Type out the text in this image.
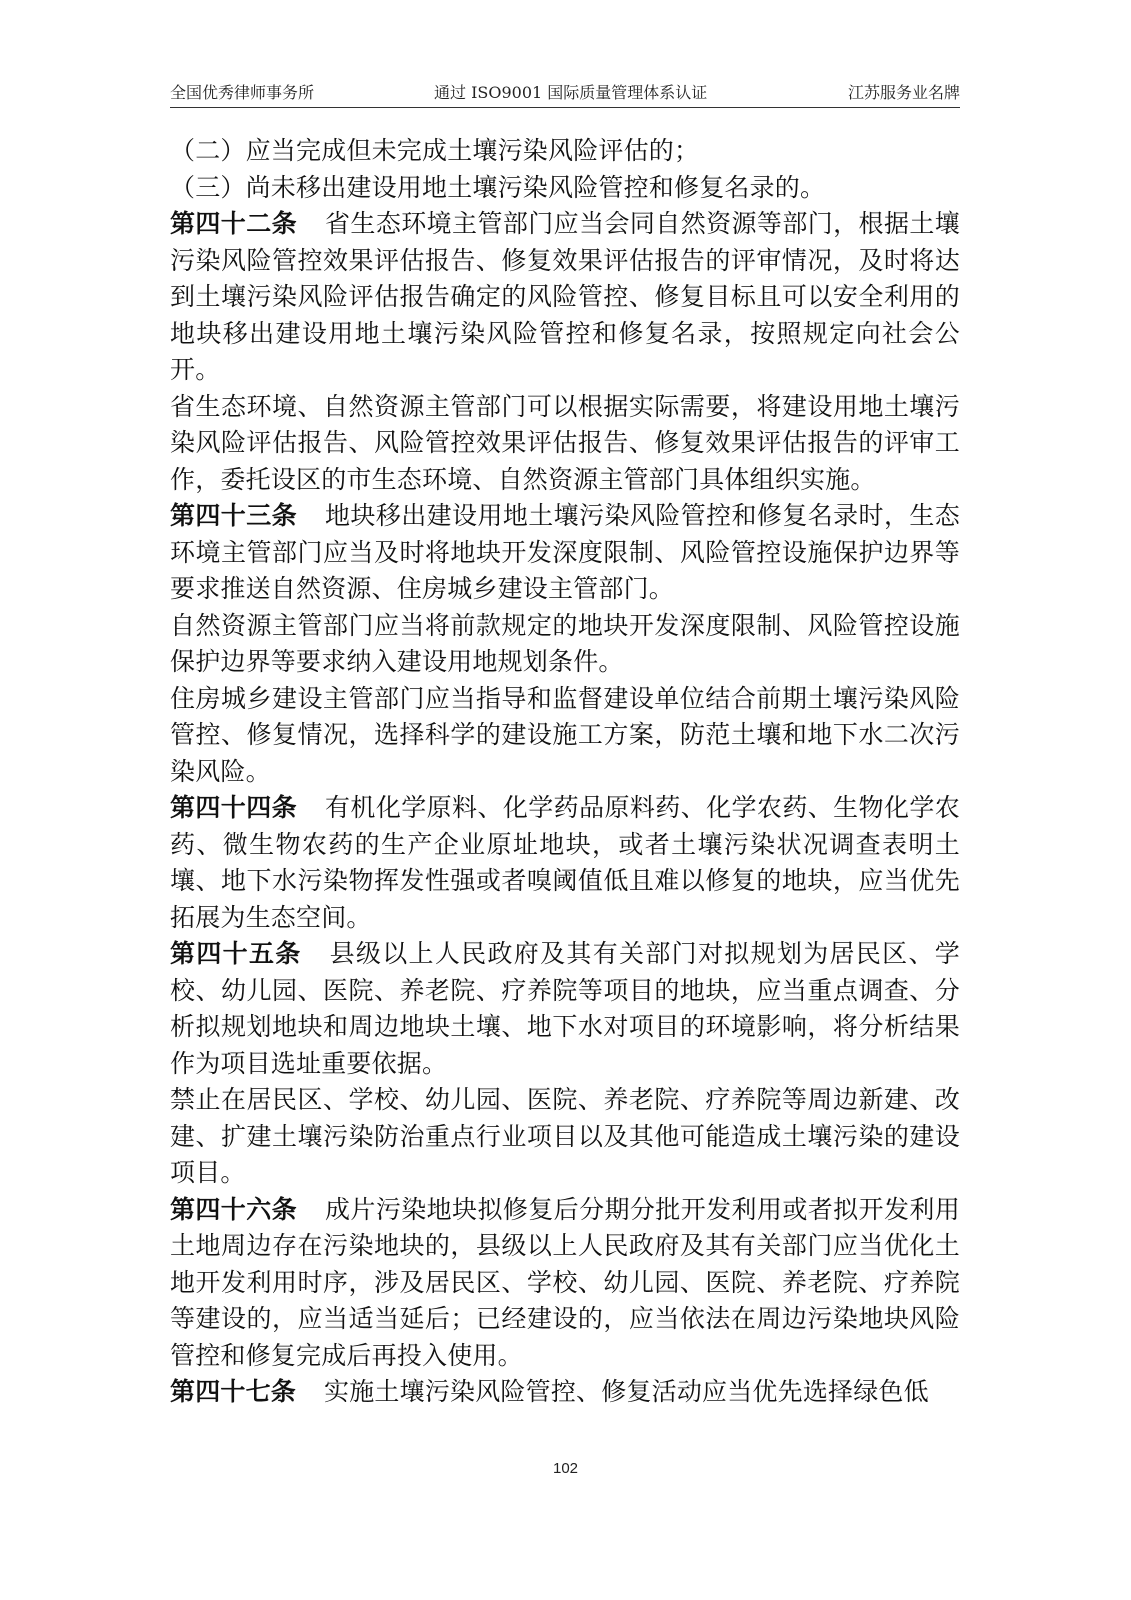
全国优秀律师事务所	通过 ISO9001 国际质量管理体系认证	江苏服务业名牌

（二）应当完成但未完成土壤污染风险评估的；

（三）尚未移出建设用地土壤污染风险管控和修复名录的。

第四十二条 省生态环境主管部门应当会同自然资源等部门，根据土壤污染风险管控效果评估报告、修复效果评估报告的评审情况，及时将达到土壤污染风险评估报告确定的风险管控、修复目标且可以安全利用的地块移出建设用地土壤污染风险管控和修复名录，按照规定向社会公开。

省生态环境、自然资源主管部门可以根据实际需要，将建设用地土壤污染风险评估报告、风险管控效果评估报告、修复效果评估报告的评审工作，委托设区的市生态环境、自然资源主管部门具体组织实施。

第四十三条 地块移出建设用地土壤污染风险管控和修复名录时，生态环境主管部门应当及时将地块开发深度限制、风险管控设施保护边界等要求推送自然资源、住房城乡建设主管部门。

自然资源主管部门应当将前款规定的地块开发深度限制、风险管控设施保护边界等要求纳入建设用地规划条件。

住房城乡建设主管部门应当指导和监督建设单位结合前期土壤污染风险管控、修复情况，选择科学的建设施工方案，防范土壤和地下水二次污染风险。

第四十四条 有机化学原料、化学药品原料药、化学农药、生物化学农药、微生物农药的生产企业原址地块，或者土壤污染状况调查表明土壤、地下水污染物挥发性强或者嗅阈值低且难以修复的地块，应当优先拓展为生态空间。

第四十五条 县级以上人民政府及其有关部门对拟规划为居民区、学校、幼儿园、医院、养老院、疗养院等项目的地块，应当重点调查、分析拟规划地块和周边地块土壤、地下水对项目的环境影响，将分析结果作为项目选址重要依据。

禁止在居民区、学校、幼儿园、医院、养老院、疗养院等周边新建、改建、扩建土壤污染防治重点行业项目以及其他可能造成土壤污染的建设项目。

第四十六条 成片污染地块拟修复后分期分批开发利用或者拟开发利用土地周边存在污染地块的，县级以上人民政府及其有关部门应当优化土地开发利用时序，涉及居民区、学校、幼儿园、医院、养老院、疗养院等建设的，应当适当延后；已经建设的，应当依法在周边污染地块风险管控和修复完成后再投入使用。

第四十七条 实施土壤污染风险管控、修复活动应当优先选择绿色低

102
